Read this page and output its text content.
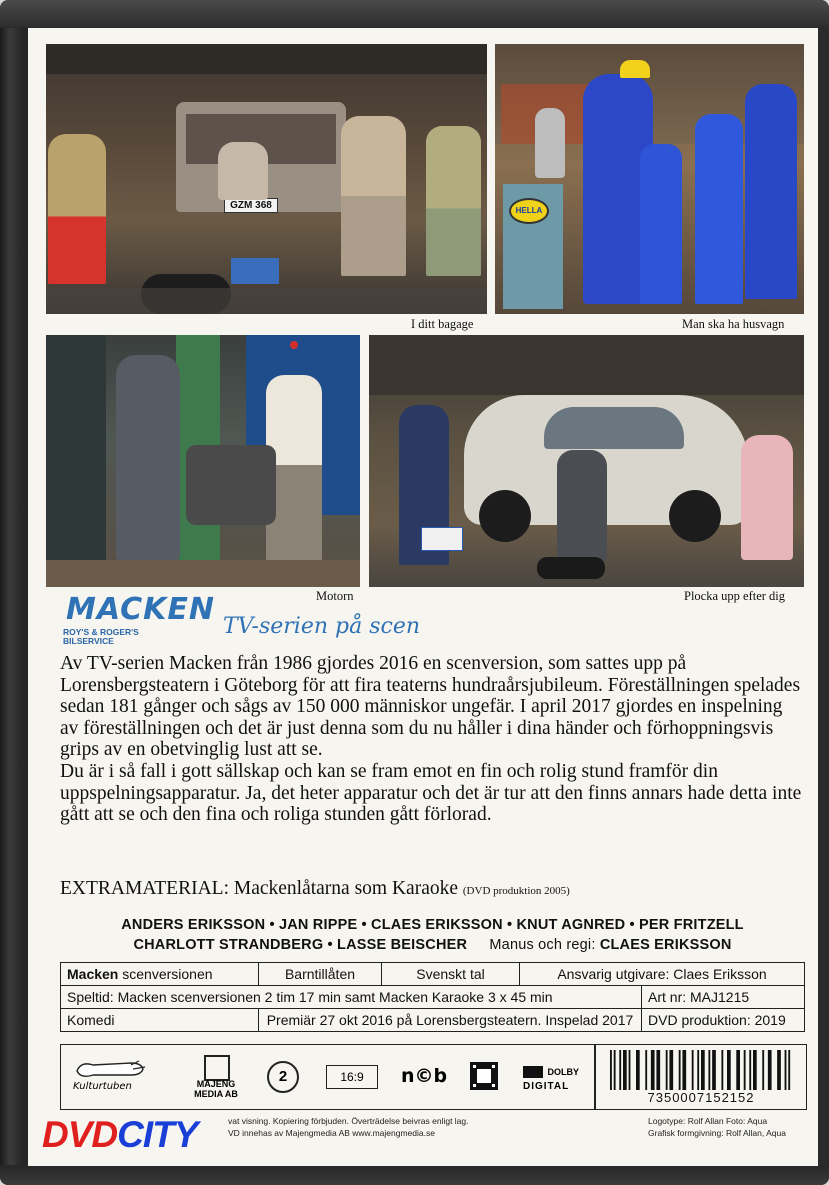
GZM 368
I ditt bagage
HELLA
Man ska ha husvagn
Motorn	Plocka upp efter dig
MACKEN
ROY'S & ROGER'S
BILSERVICE
TV-serien på scen

Av TV-serien Macken från 1986 gjordes 2016 en scenversion, som sattes upp på Lorensbergsteatern i Göteborg för att fira teaterns hundraårsjubileum. Föreställningen spelades sedan 181 gånger och sågs av 150 000 människor ungefär. I april 2017 gjordes en inspelning av föreställningen och det är just denna som du nu håller i dina händer och förhoppningsvis grips av en obetvinglig lust att se.

Du är i så fall i gott sällskap och kan se fram emot en fin och rolig stund framför din uppspelningsapparatur. Ja, det heter apparatur och det är tur att den finns annars hade detta inte gått att se och den fina och roliga stunden gått förlorad.

EXTRAMATERIAL: Mackenlåtarna som Karaoke (DVD produktion 2005)
ANDERS ERIKSSON • JAN RIPPE • CLAES ERIKSSON • KNUT AGNRED • PER FRITZELL
CHARLOTT STRANDBERG • LASSE BEISCHER Manus och regi: CLAES ERIKSSON
Macken scenversionen	Barntillåten	Svenskt tal	Ansvarig utgivare: Claes Eriksson	
Speltid: Macken scenversionen 2 tim 17 min samt Macken Karaoke 3 x 45 min				Art nr: MAJ1215
Komedi	Premiär 27 okt 2016 på Lorensbergsteatern. Inspelad 2017			DVD produktion: 2019
Kulturtuben	MAJENG
MEDIA AB
2	16:9	n©b	DOLBY
DIGITAL
7350007152152
vat visning. Kopiering förbjuden. Överträdelse beivras enligt lag.
VD innehas av Majengmedia AB www.majengmedia.se
Logotype: Rolf Allan Foto: Aqua
Grafisk formgivning: Rolf Allan, Aqua
DVDCITY
